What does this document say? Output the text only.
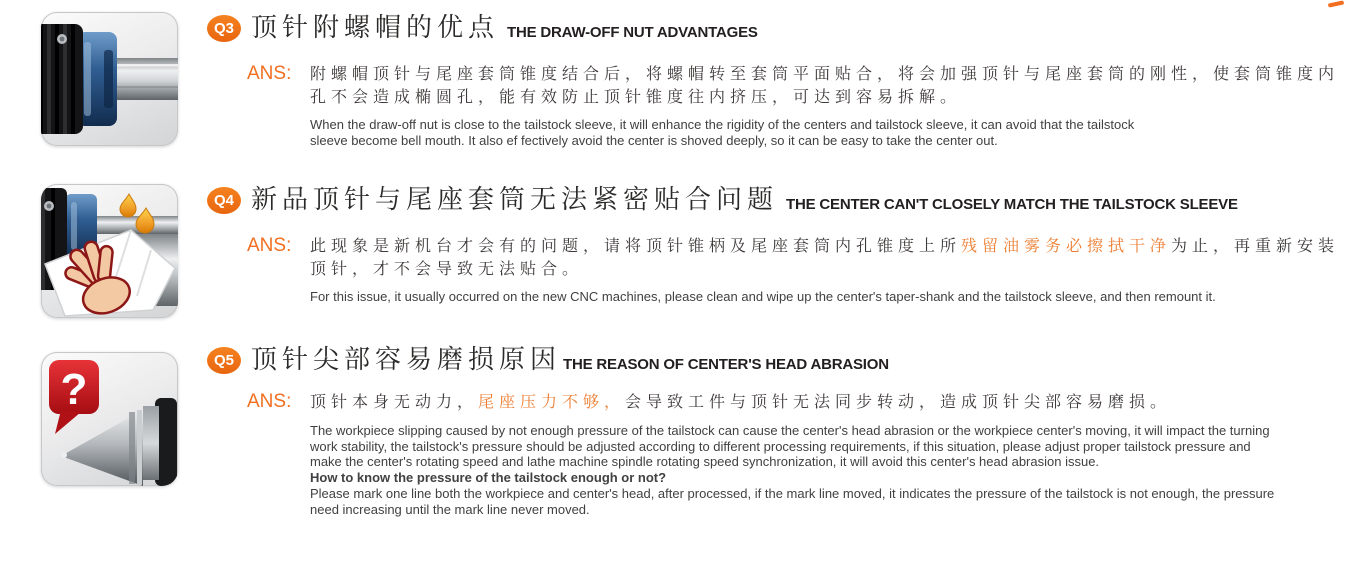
Q3 顶针附螺帽的优点 THE DRAW-OFF NUT ADVANTAGES
ANS:	附螺帽顶针与尾座套筒锥度结合后，将螺帽转至套筒平面贴合，将会加强顶针与尾座套筒的刚性，使套筒锥度内孔不会造成椭圆孔，能有效防止顶针锥度往内挤压，可达到容易拆解。

When the draw-off nut is close to the tailstock sleeve, it will enhance the rigidity of the centers and tailstock sleeve, it can avoid that the tailstock sleeve become bell mouth. It also ef fectively avoid the center is shoved deeply, so it can be easy to take the center out.

Q4 新品顶针与尾座套筒无法紧密贴合问题 THE CENTER CAN'T CLOSELY MATCH THE TAILSTOCK SLEEVE
ANS:	此现象是新机台才会有的问题，请将顶针锥柄及尾座套筒内孔锥度上所残留油雾务必擦拭干净为止，再重新安装顶针，才不会导致无法贴合。

For this issue, it usually occurred on the new CNC machines, please clean and wipe up the center's taper-shank and the tailstock sleeve, and then remount it.

?
Q5 顶针尖部容易磨损原因 THE REASON OF CENTER'S HEAD ABRASION
ANS:	顶针本身无动力，尾座压力不够，会导致工件与顶针无法同步转动，造成顶针尖部容易磨损。

The workpiece slipping caused by not enough pressure of the tailstock can cause the center's head abrasion or the workpiece center's moving, it will impact the turning work stability, the tailstock's pressure should be adjusted according to different processing requirements, if this situation, please adjust proper tailstock pressure and make the center's rotating speed and lathe machine spindle rotating speed synchronization, it will avoid this center's head abrasion issue.

How to know the pressure of the tailstock enough or not?

Please mark one line both the workpiece and center's head, after processed, if the mark line moved, it indicates the pressure of the tailstock is not enough, the pressure need increasing until the mark line never moved.
